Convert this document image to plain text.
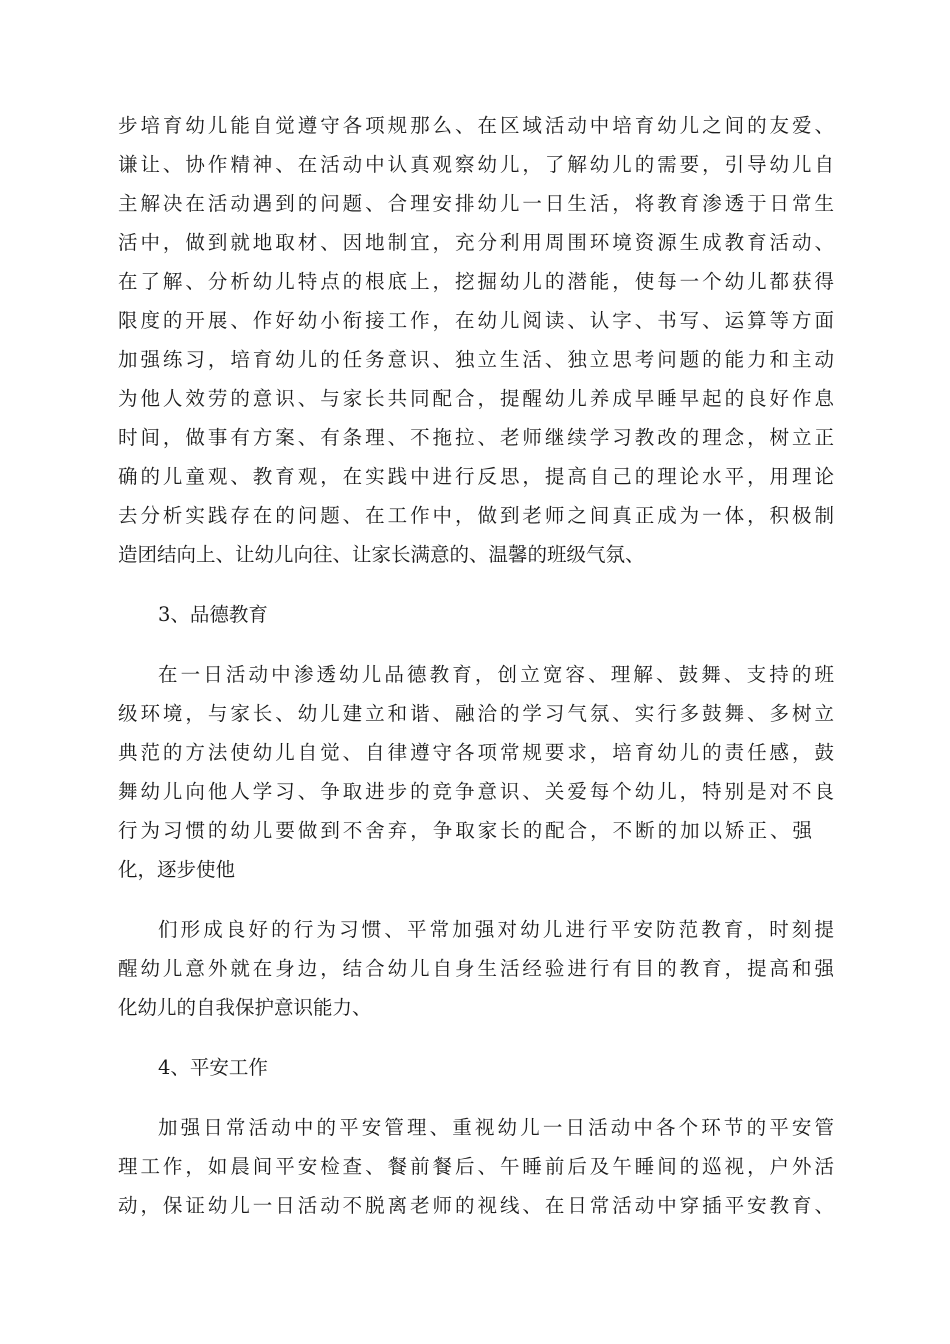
步培育幼儿能自觉遵守各项规那么、在区域活动中培育幼儿之间的友爱、
谦让、协作精神、在活动中认真观察幼儿，了解幼儿的需要，引导幼儿自
主解决在活动遇到的问题、合理安排幼儿一日生活，将教育渗透于日常生
活中，做到就地取材、因地制宜，充分利用周围环境资源生成教育活动、
在了解、分析幼儿特点的根底上，挖掘幼儿的潜能，使每一个幼儿都获得
限度的开展、作好幼小衔接工作，在幼儿阅读、认字、书写、运算等方面
加强练习，培育幼儿的任务意识、独立生活、独立思考问题的能力和主动
为他人效劳的意识、与家长共同配合，提醒幼儿养成早睡早起的良好作息
时间，做事有方案、有条理、不拖拉、老师继续学习教改的理念，树立正
确的儿童观、教育观，在实践中进行反思，提高自己的理论水平，用理论
去分析实践存在的问题、在工作中，做到老师之间真正成为一体，积极制
造团结向上、让幼儿向往、让家长满意的、温馨的班级气氛、
3、品德教育
在一日活动中渗透幼儿品德教育，创立宽容、理解、鼓舞、支持的班
级环境，与家长、幼儿建立和谐、融洽的学习气氛、实行多鼓舞、多树立
典范的方法使幼儿自觉、自律遵守各项常规要求，培育幼儿的责任感，鼓
舞幼儿向他人学习、争取进步的竞争意识、关爱每个幼儿，特别是对不良
行为习惯的幼儿要做到不舍弃，争取家长的配合，不断的加以矫正、强
化，逐步使他
们形成良好的行为习惯、平常加强对幼儿进行平安防范教育，时刻提
醒幼儿意外就在身边，结合幼儿自身生活经验进行有目的教育，提高和强
化幼儿的自我保护意识能力、
4、平安工作
加强日常活动中的平安管理、重视幼儿一日活动中各个环节的平安管
理工作，如晨间平安检查、餐前餐后、午睡前后及午睡间的巡视，户外活
动，保证幼儿一日活动不脱离老师的视线、在日常活动中穿插平安教育、
